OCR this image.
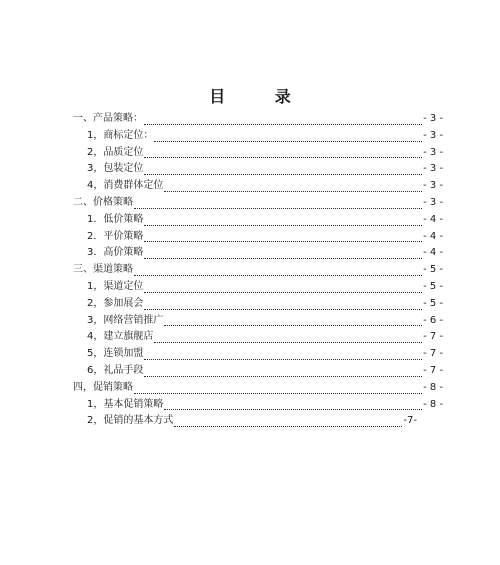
目 录
一、产品策略：	- 3 -
1，商标定位：	- 3 -
2，品质定位	- 3 -
3，包装定位	- 3 -
4，消费群体定位	- 3 -
二、价格策略	- 3 -
1．低价策略	- 4 -
2．平价策略	- 4 -
3．高价策略	- 4 -
三、渠道策略	- 5 -
1，渠道定位	- 5 -
2，参加展会	- 5 -
3，网络营销推广	- 6 -
4，建立旗舰店	- 7 -
5，连锁加盟	- 7 -
6，礼品手段	- 7 -
四，促销策略	- 8 -
1，基本促销策略	- 8 -
2，促销的基本方式	-7-
